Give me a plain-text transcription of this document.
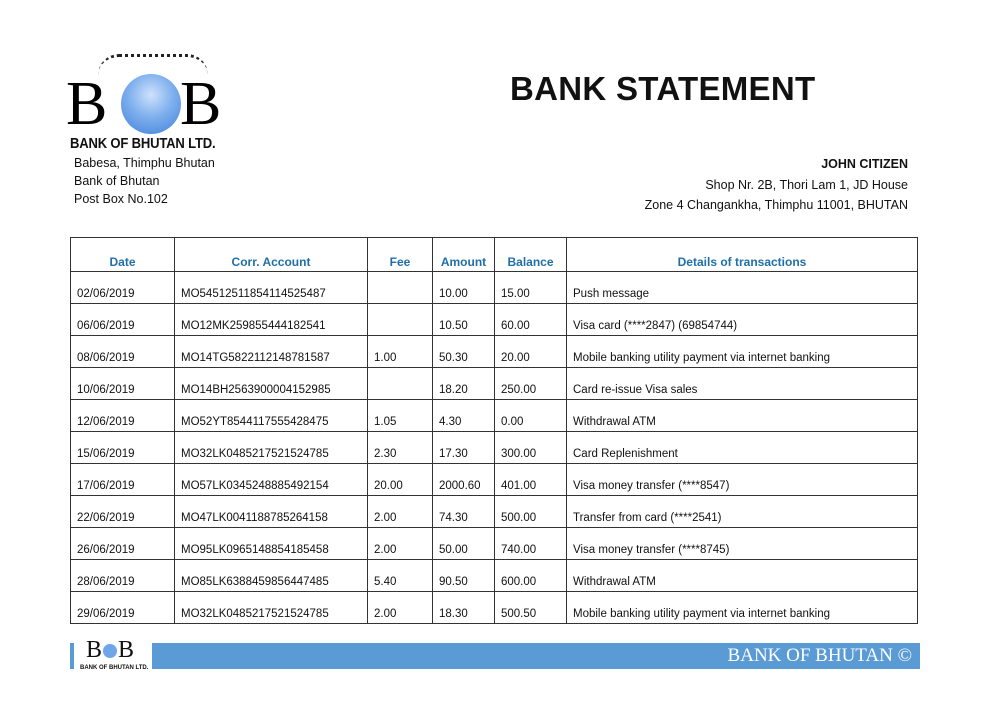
B B
BANK OF BHUTAN LTD.
Babesa, Thimphu Bhutan
Bank of Bhutan
Post Box No.102
BANK STATEMENT
JOHN CITIZEN
Shop Nr. 2B, Thori Lam 1, JD House
Zone 4 Changankha, Thimphu 11001, BHUTAN
Date	Corr. Account	Fee	Amount	Balance	Details of transactions
02/06/2019	MO54512511854114525487		10.00	15.00	Push message
06/06/2019	MO12MK259855444182541		10.50	60.00	Visa card (****2847) (69854744)
08/06/2019	MO14TG5822112148781587	1.00	50.30	20.00	Mobile banking utility payment via internet banking
10/06/2019	MO14BH2563900004152985		18.20	250.00	Card re-issue Visa sales
12/06/2019	MO52YT8544117555428475	1.05	4.30	0.00	Withdrawal ATM
15/06/2019	MO32LK0485217521524785	2.30	17.30	300.00	Card Replenishment
17/06/2019	MO57LK0345248885492154	20.00	2000.60	401.00	Visa money transfer (****8547)
22/06/2019	MO47LK0041188785264158	2.00	74.30	500.00	Transfer from card (****2541)
26/06/2019	MO95LK0965148854185458	2.00	50.00	740.00	Visa money transfer (****8745)
28/06/2019	MO85LK6388459856447485	5.40	90.50	600.00	Withdrawal ATM
29/06/2019	MO32LK0485217521524785	2.00	18.30	500.50	Mobile banking utility payment via internet banking
BANK OF BHUTAN ©
B B
BANK OF BHUTAN LTD.
